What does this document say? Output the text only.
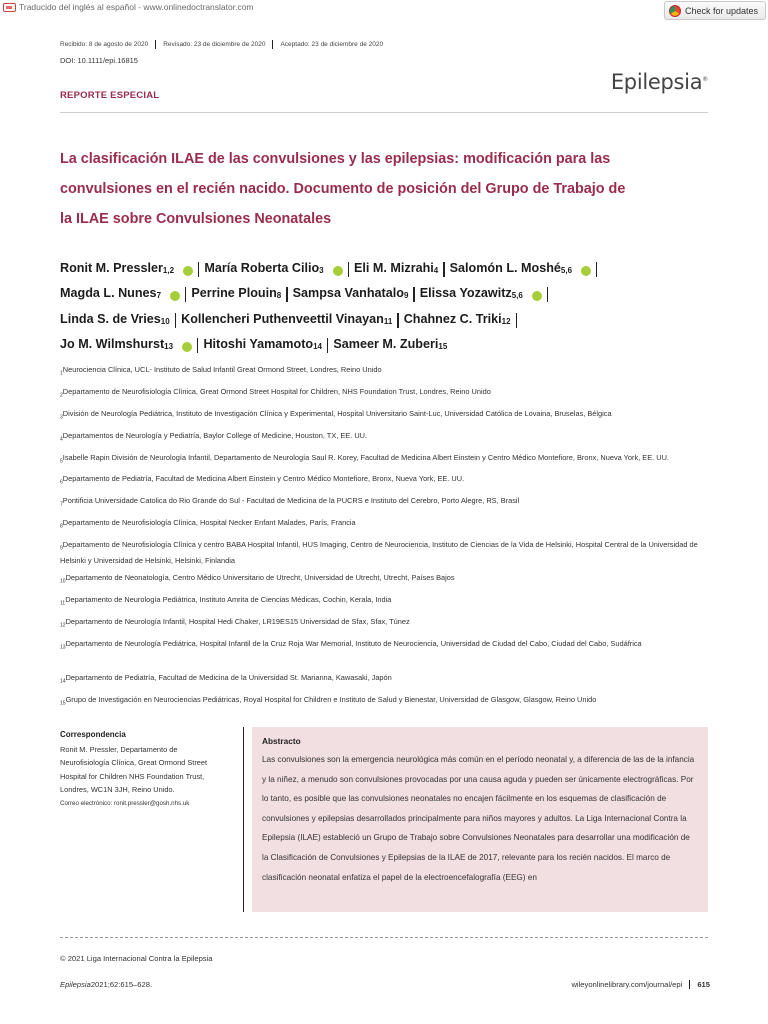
Traducido del inglés al español - www.onlinedoctranslator.com	Check for updates
Recibido: 8 de agosto de 2020 Revisado: 23 de diciembre de 2020 Aceptado: 23 de diciembre de 2020
DOI: 10.1111/epi.16815
Epilepsia®
REPORTE ESPECIAL
La clasificación ILAE de las convulsiones y las epilepsias: modificación para las
convulsiones en el recién nacido. Documento de posición del Grupo de Trabajo de
la ILAE sobre Convulsiones Neonatales
Ronit M. Pressler$_{1,2}$ María Roberta Cilio$_3$ Eli M. Mizrahi$_4$ Salomón L. Moshé$_{5,6}$
Magda L. Nunes$_7$ Perrine Plouin$_8$ Sampsa Vanhatalo$_9$ Elissa Yozawitz$_{5,6}$
Linda S. de Vries$_{10}$ Kollencheri Puthenveettil Vinayan$_{11}$ Chahnez C. Triki$_{12}$
Jo M. Wilmshurst$_{13}$ Hitoshi Yamamoto$_{14}$ Sameer M. Zuberi$_{15}$
$_1$Neurociencia Clínica, UCL- Instituto de Salud Infantil Great Ormond Street, Londres, Reino Unido
$_2$Departamento de Neurofisiología Clínica, Great Ormond Street Hospital for Children, NHS Foundation Trust, Londres, Reino Unido
$_3$División de Neurología Pediátrica, Instituto de Investigación Clínica y Experimental, Hospital Universitario Saint-Luc, Universidad Católica de Lovaina, Bruselas, Bélgica
$_4$Departamentos de Neurología y Pediatría, Baylor College of Medicine, Houston, TX, EE. UU.
$_5$Isabelle Rapin División de Neurología Infantil, Departamento de Neurología Saul R. Korey, Facultad de Medicina Albert Einstein y Centro Médico Montefiore, Bronx, Nueva York, EE. UU.
$_6$Departamento de Pediatría, Facultad de Medicina Albert Einstein y Centro Médico Montefiore, Bronx, Nueva York, EE. UU.
$_7$Pontificia Universidade Catolica do Rio Grande do Sul - Facultad de Medicina de la PUCRS e Instituto del Cerebro, Porto Alegre, RS, Brasil
$_8$Departamento de Neurofisiología Clínica, Hospital Necker Enfant Malades, París, Francia
$_9$Departamento de Neurofisiología Clínica y centro BABA Hospital Infantil, HUS Imaging, Centro de Neurociencia, Instituto de Ciencias de la Vida de Helsinki, Hospital Central de la Universidad de Helsinki y Universidad de Helsinki, Helsinki, Finlandia
$_{10}$Departamento de Neonatología, Centro Médico Universitario de Utrecht, Universidad de Utrecht, Utrecht, Países Bajos
$_{11}$Departamento de Neurología Pediátrica, Instituto Amrita de Ciencias Médicas, Cochin, Kerala, India
$_{12}$Departamento de Neurología Infantil, Hospital Hedi Chaker, LR19ES15 Universidad de Sfax, Sfax, Túnez
$_{13}$Departamento de Neurología Pediátrica, Hospital Infantil de la Cruz Roja War Memorial, Instituto de Neurociencia, Universidad de Ciudad del Cabo, Ciudad del Cabo, Sudáfrica
$_{14}$Departamento de Pediatría, Facultad de Medicina de la Universidad St. Marianna, Kawasaki, Japón
$_{15}$Grupo de Investigación en Neurociencias Pediátricas, Royal Hospital for Children e Instituto de Salud y Bienestar, Universidad de Glasgow, Glasgow, Reino Unido
Correspondencia
Ronit M. Pressler, Departamento de
Neurofisiología Clínica, Great Ormond Street
Hospital for Children NHS Foundation Trust,
Londres, WC1N 3JH, Reino Unido.
Correo electrónico: ronit.pressler@gosh.nhs.uk
Abstracto
Las convulsiones son la emergencia neurológica más común en el período neonatal y, a diferencia de las de la infancia y la niñez, a menudo son convulsiones provocadas por una causa aguda y pueden ser únicamente electrográficas. Por lo tanto, es posible que las convulsiones neonatales no encajen fácilmente en los esquemas de clasificación de convulsiones y epilepsias desarrollados principalmente para niños mayores y adultos. La Liga Internacional Contra la Epilepsia (ILAE) estableció un Grupo de Trabajo sobre Convulsiones Neonatales para desarrollar una modificación de la Clasificación de Convulsiones y Epilepsias de la ILAE de 2017, relevante para los recién nacidos. El marco de clasificación neonatal enfatiza el papel de la electroencefalografía (EEG) en
© 2021 Liga Internacional Contra la Epilepsia
Epilepsia2021;62:615–628.	wileyonlinelibrary.com/journal/epi 615
